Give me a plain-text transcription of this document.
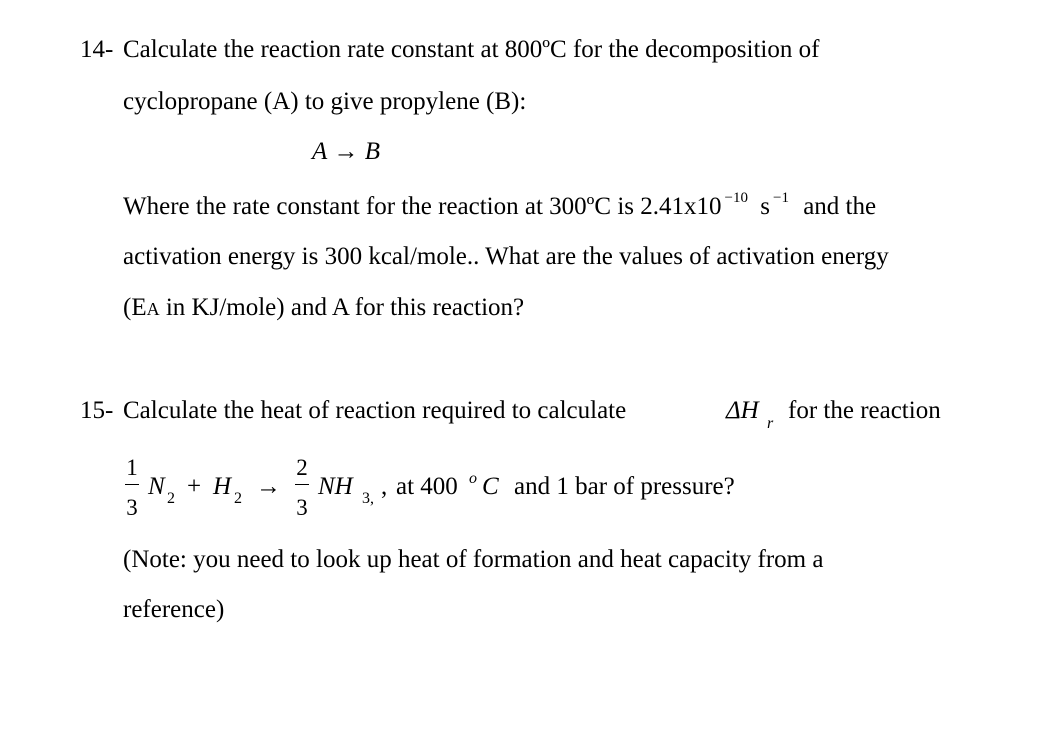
14- Calculate the reaction rate constant at 800ºC for the decomposition of
cyclopropane (A) to give propylene (B):
A → B
Where the rate constant for the reaction at 300ºC is 2.41x10 $^{-10}$ s $^{-1}$ and the
activation energy is 300 kcal/mole.. What are the values of activation energy
(EA in KJ/mole) and A for this reaction?
15- Calculate the heat of reaction required to calculate	ΔH r for the reaction
1
3
N 2 + H 2 →
2
3
NH 3, , at 400 o C and 1 bar of pressure?
(Note: you need to look up heat of formation and heat capacity from a
reference)
